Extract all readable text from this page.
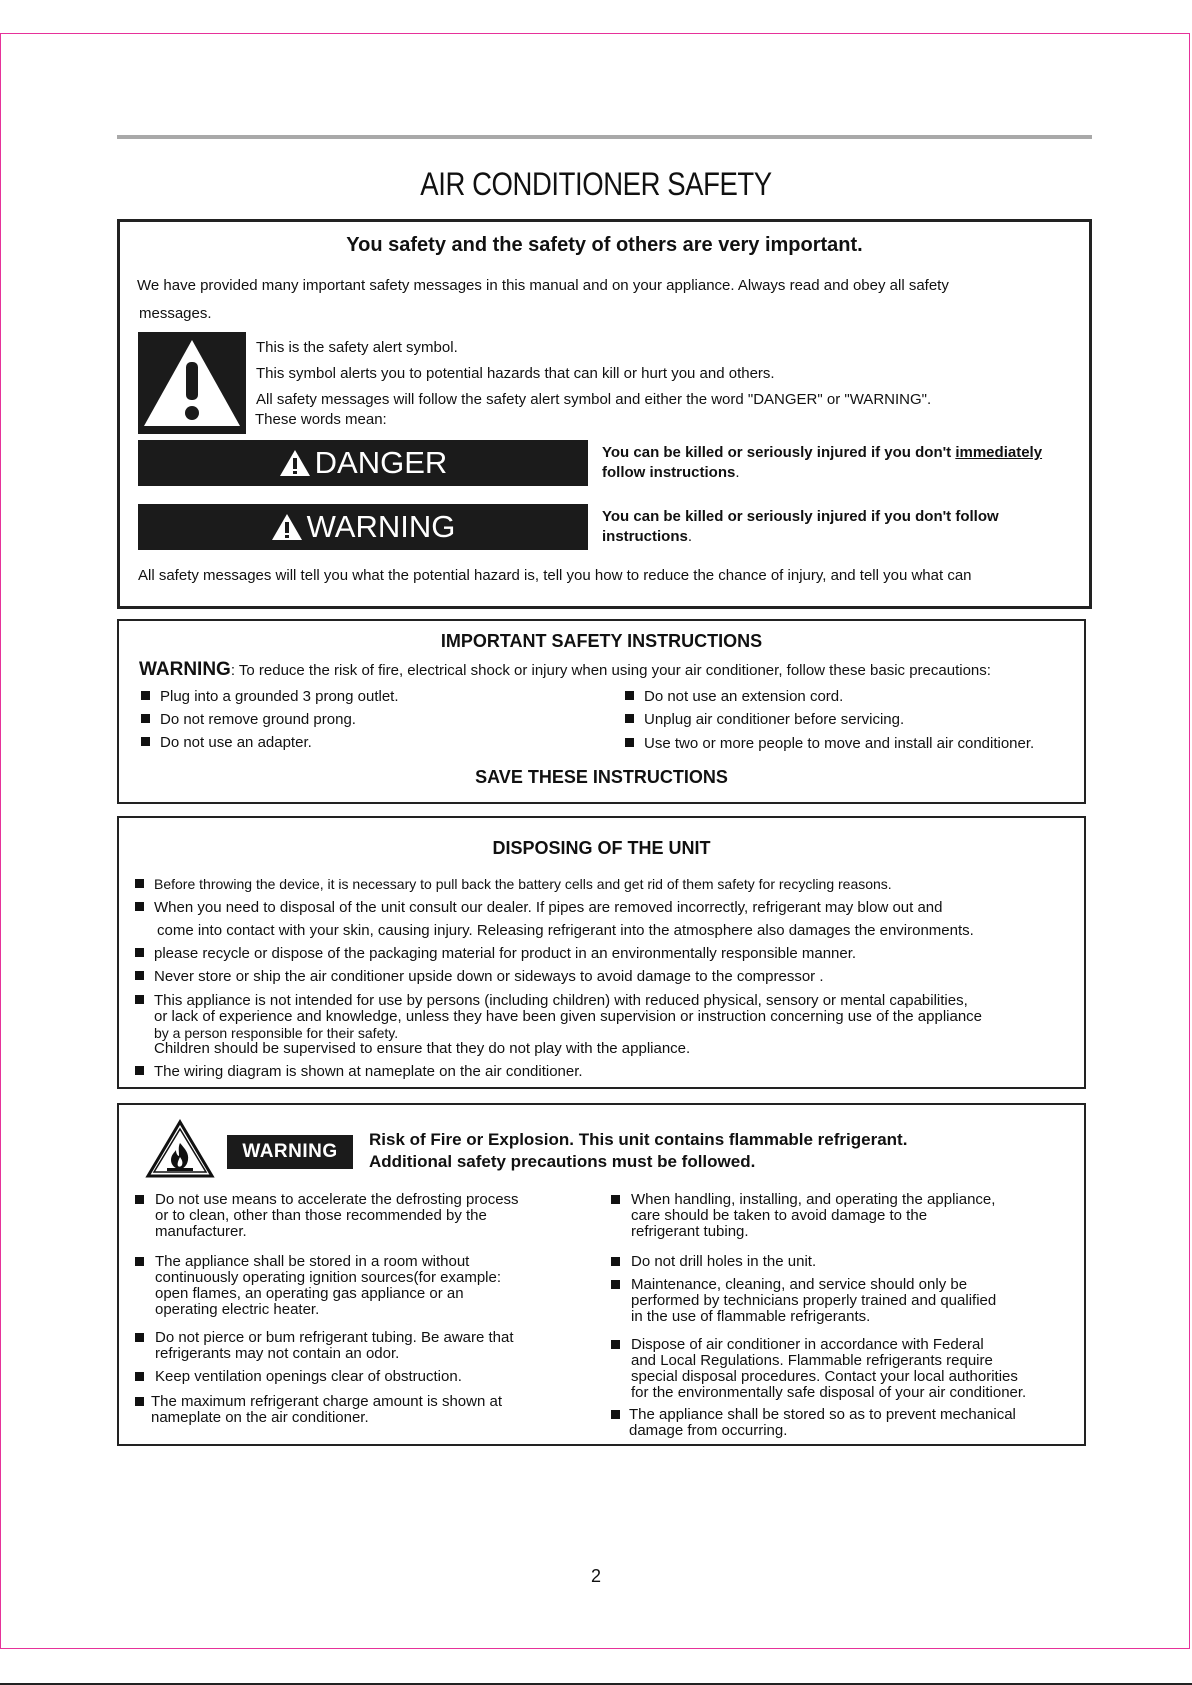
AIR CONDITIONER SAFETY
You safety and the safety of others are very important.
We have provided many important safety messages in this manual and on your appliance. Always read and obey all safety
messages.
This is the safety alert symbol.
This symbol alerts you to potential hazards that can kill or hurt you and others.
All safety messages will follow the safety alert symbol and either the word "DANGER" or "WARNING".
These words mean:
DANGER	You can be killed or seriously injured if you don't immediately
follow instructions.
WARNING	You can be killed or seriously injured if you don't follow
instructions.
All safety messages will tell you what the potential hazard is, tell you how to reduce the chance of injury, and tell you what can
IMPORTANT SAFETY INSTRUCTIONS
WARNING: To reduce the risk of fire, electrical shock or injury when using your air conditioner, follow these basic precautions:
Plug into a grounded 3 prong outlet.
Do not remove ground prong.
Do not use an adapter.
Do not use an extension cord.
Unplug air conditioner before servicing.
Use two or more people to move and install air conditioner.
SAVE THESE INSTRUCTIONS
DISPOSING OF THE UNIT
Before throwing the device, it is necessary to pull back the battery cells and get rid of them safety for recycling reasons.
When you need to disposal of the unit consult our dealer. If pipes are removed incorrectly, refrigerant may blow out and
come into contact with your skin, causing injury. Releasing refrigerant into the atmosphere also damages the environments.
please recycle or dispose of the packaging material for product in an environmentally responsible manner.
Never store or ship the air conditioner upside down or sideways to avoid damage to the compressor .
This appliance is not intended for use by persons (including children) with reduced physical, sensory or mental capabilities,
or lack of experience and knowledge, unless they have been given supervision or instruction concerning use of the appliance
by a person responsible for their safety.
Children should be supervised to ensure that they do not play with the appliance.
The wiring diagram is shown at nameplate on the air conditioner.
WARNING
Risk of Fire or Explosion. This unit contains flammable refrigerant.
Additional safety precautions must be followed.
Do not use means to accelerate the defrosting process
or to clean, other than those recommended by the
manufacturer.
The appliance shall be stored in a room without
continuously operating ignition sources(for example:
open flames, an operating gas appliance or an
operating electric heater.
Do not pierce or bum refrigerant tubing. Be aware that
refrigerants may not contain an odor.
Keep ventilation openings clear of obstruction.
The maximum refrigerant charge amount is shown at
nameplate on the air conditioner.
When handling, installing, and operating the appliance,
care should be taken to avoid damage to the
refrigerant tubing.
Do not drill holes in the unit.
Maintenance, cleaning, and service should only be
performed by technicians properly trained and qualified
in the use of flammable refrigerants.
Dispose of air conditioner in accordance with Federal
and Local Regulations. Flammable refrigerants require
special disposal procedures. Contact your local authorities
for the environmentally safe disposal of your air conditioner.
The appliance shall be stored so as to prevent mechanical
damage from occurring.
2
